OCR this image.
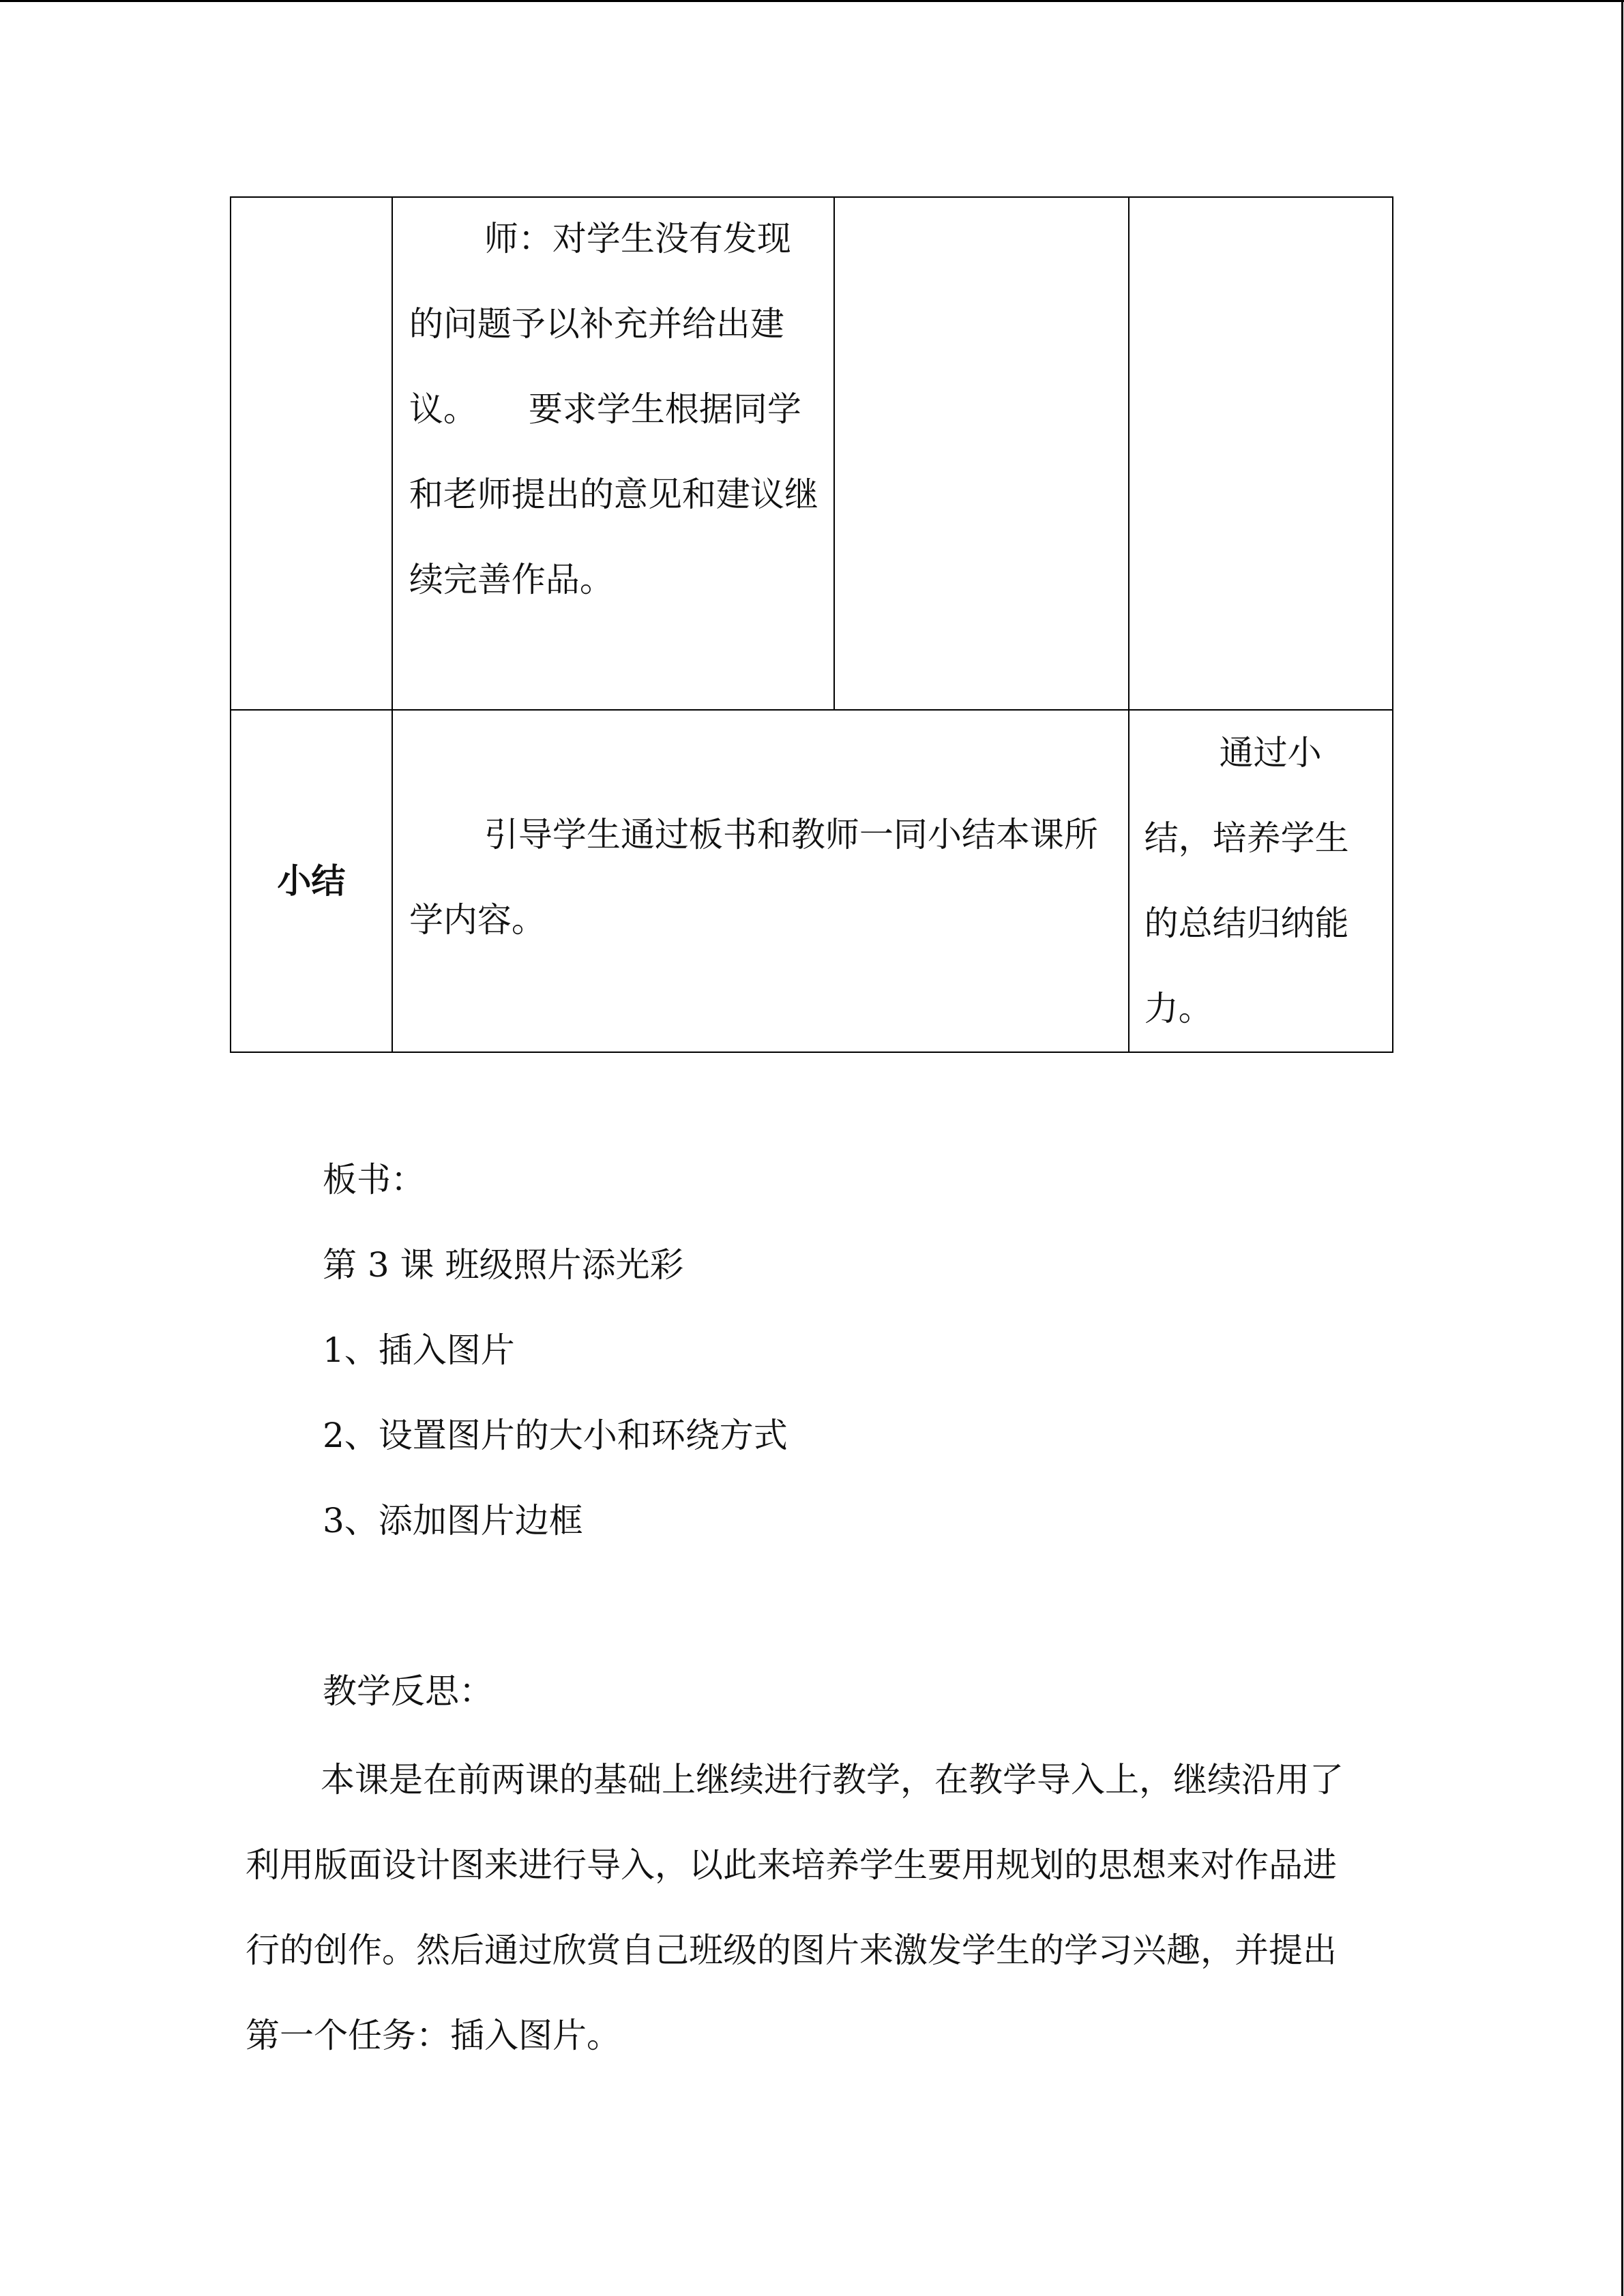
	师：对学生没有发现的问题予以补充并给出建议。　　要求学生根据同学和老师提出的意见和建议继续完善作品。		

小结	引导学生通过板书和教师一同小结本课所学内容。		通过小结，培养学生的总结归纳能力。
板书：
第 3 课 班级照片添光彩
1、插入图片
2、设置图片的大小和环绕方式
3、添加图片边框
教学反思：
本课是在前两课的基础上继续进行教学，在教学导入上，继续沿用了利用版面设计图来进行导入，以此来培养学生要用规划的思想来对作品进行的创作。然后通过欣赏自己班级的图片来激发学生的学习兴趣，并提出第一个任务：插入图片。
